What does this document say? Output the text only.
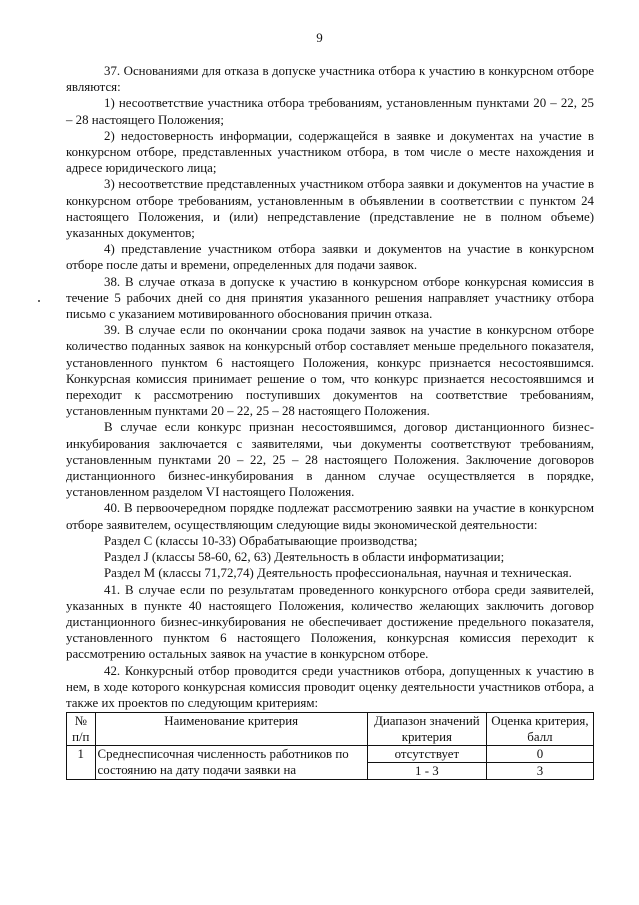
9

37. Основаниями для отказа в допуске участника отбора к участию в конкурсном отборе являются:

1) несоответствие участника отбора требованиям, установленным пунктами 20 – 22, 25 – 28 настоящего Положения;

2) недостоверность информации, содержащейся в заявке и документах на участие в конкурсном отборе, представленных участником отбора, в том числе о месте нахождения и адресе юридического лица;

3) несоответствие представленных участником отбора заявки и документов на участие в конкурсном отборе требованиям, установленным в объявлении в соответствии с пунктом 24 настоящего Положения, и (или) непредставление (представление не в полном объеме) указанных документов;

4) представление участником отбора заявки и документов на участие в конкурсном отборе после даты и времени, определенных для подачи заявок.

38. В случае отказа в допуске к участию в конкурсном отборе конкурсная комиссия в течение 5 рабочих дней со дня принятия указанного решения направляет участнику отбора письмо с указанием мотивированного обоснования причин отказа.

39. В случае если по окончании срока подачи заявок на участие в конкурсном отборе количество поданных заявок на конкурсный отбор составляет меньше предельного показателя, установленного пунктом 6 настоящего Положения, конкурс признается несостоявшимся. Конкурсная комиссия принимает решение о том, что конкурс признается несостоявшимся и переходит к рассмотрению поступивших документов на соответствие требованиям, установленным пунктами 20 – 22, 25 – 28 настоящего Положения.

В случае если конкурс признан несостоявшимся, договор дистанционного бизнес-инкубирования заключается с заявителями, чьи документы соответствуют требованиям, установленным пунктами 20 – 22, 25 – 28 настоящего Положения. Заключение договоров дистанционного бизнес-инкубирования в данном случае осуществляется в порядке, установленном разделом VI настоящего Положения.

40. В первоочередном порядке подлежат рассмотрению заявки на участие в конкурсном отборе заявителем, осуществляющим следующие виды экономической деятельности:

Раздел C (классы 10-33) Обрабатывающие производства;

Раздел J (классы 58-60, 62, 63) Деятельность в области информатизации;

Раздел M (классы 71,72,74) Деятельность профессиональная, научная и техническая.

41. В случае если по результатам проведенного конкурсного отбора среди заявителей, указанных в пункте 40 настоящего Положения, количество желающих заключить договор дистанционного бизнес-инкубирования не обеспечивает достижение предельного показателя, установленного пунктом 6 настоящего Положения, конкурсная комиссия переходит к рассмотрению остальных заявок на участие в конкурсном отборе.

42. Конкурсный отбор проводится среди участников отбора, допущенных к участию в нем, в ходе которого конкурсная комиссия проводит оценку деятельности участников отбора, а также их проектов по следующим критериям:

№ п/п	Наименование критерия	Диапазон значений критерия	Оценка критерия, балл
1	Среднесписочная численность работников по состоянию на дату подачи заявки на	отсутствует	0
		1 - 3	3
